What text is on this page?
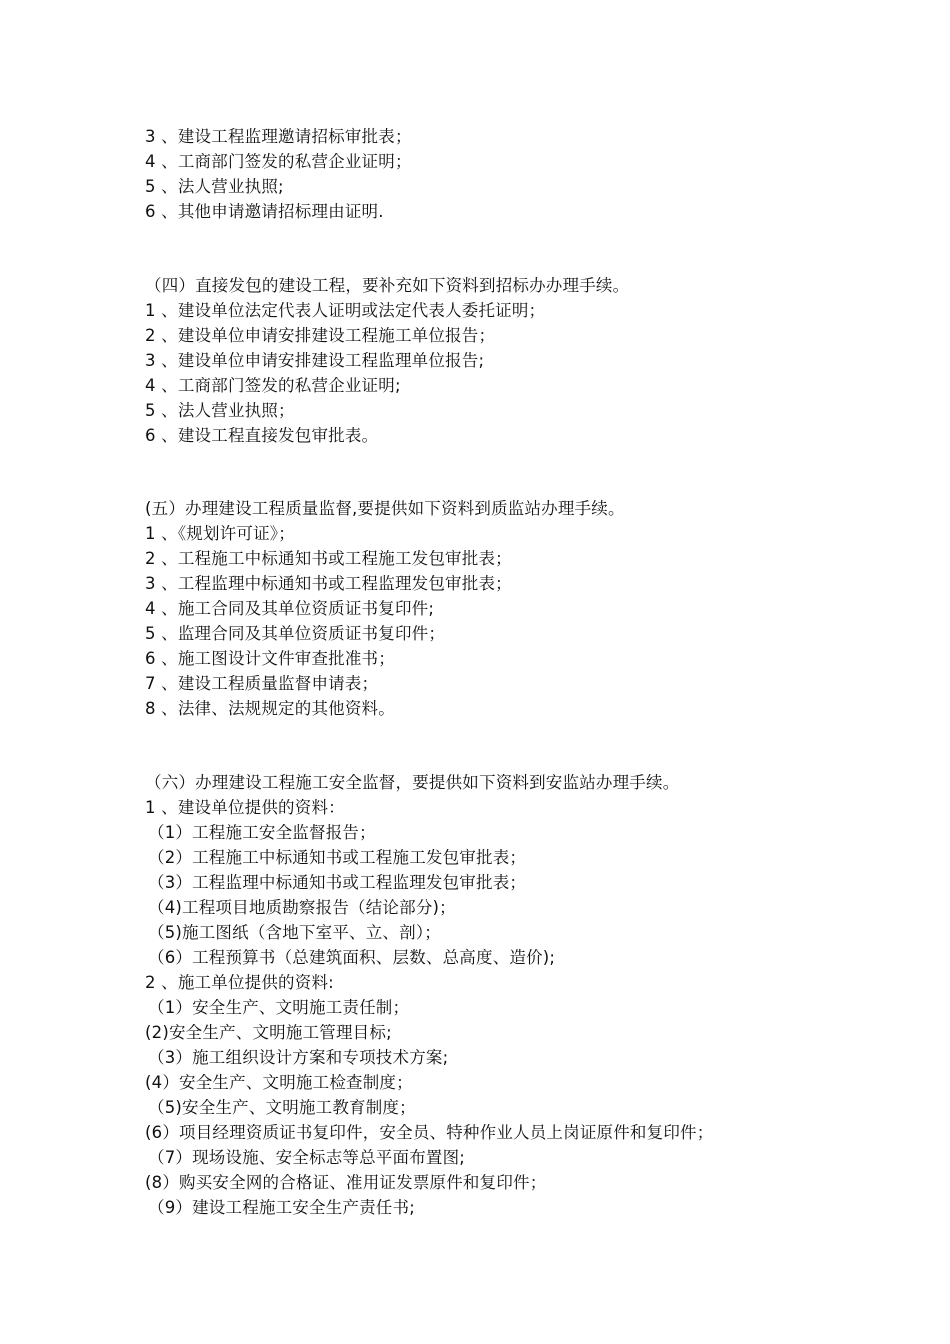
3 、建设工程监理邀请招标审批表；
4 、工商部门签发的私营企业证明；
5 、法人营业执照;
6 、其他申请邀请招标理由证明.
（四）直接发包的建设工程，要补充如下资料到招标办办理手续。
1 、建设单位法定代表人证明或法定代表人委托证明；
2 、建设单位申请安排建设工程施工单位报告；
3 、建设单位申请安排建设工程监理单位报告;
4 、工商部门签发的私营企业证明;
5 、法人营业执照；
6 、建设工程直接发包审批表。
(五）办理建设工程质量监督,要提供如下资料到质监站办理手续。
1 、《规划许可证》；
2 、工程施工中标通知书或工程施工发包审批表；
3 、工程监理中标通知书或工程监理发包审批表；
4 、施工合同及其单位资质证书复印件;
5 、监理合同及其单位资质证书复印件；
6 、施工图设计文件审查批准书；
7 、建设工程质量监督申请表；
8 、法律、法规规定的其他资料。
（六）办理建设工程施工安全监督，要提供如下资料到安监站办理手续。
1 、建设单位提供的资料：
（1）工程施工安全监督报告；
（2）工程施工中标通知书或工程施工发包审批表；
（3）工程监理中标通知书或工程监理发包审批表；
（4)工程项目地质勘察报告（结论部分)；
（5)施工图纸（含地下室平、立、剖）；
（6）工程预算书（总建筑面积、层数、总高度、造价);
2 、施工单位提供的资料:
（1）安全生产、文明施工责任制；
(2)安全生产、文明施工管理目标;
（3）施工组织设计方案和专项技术方案;
(4）安全生产、文明施工检查制度；
（5)安全生产、文明施工教育制度；
(6）项目经理资质证书复印件，安全员、特种作业人员上岗证原件和复印件；
（7）现场设施、安全标志等总平面布置图;
(8）购买安全网的合格证、准用证发票原件和复印件；
（9）建设工程施工安全生产责任书;
